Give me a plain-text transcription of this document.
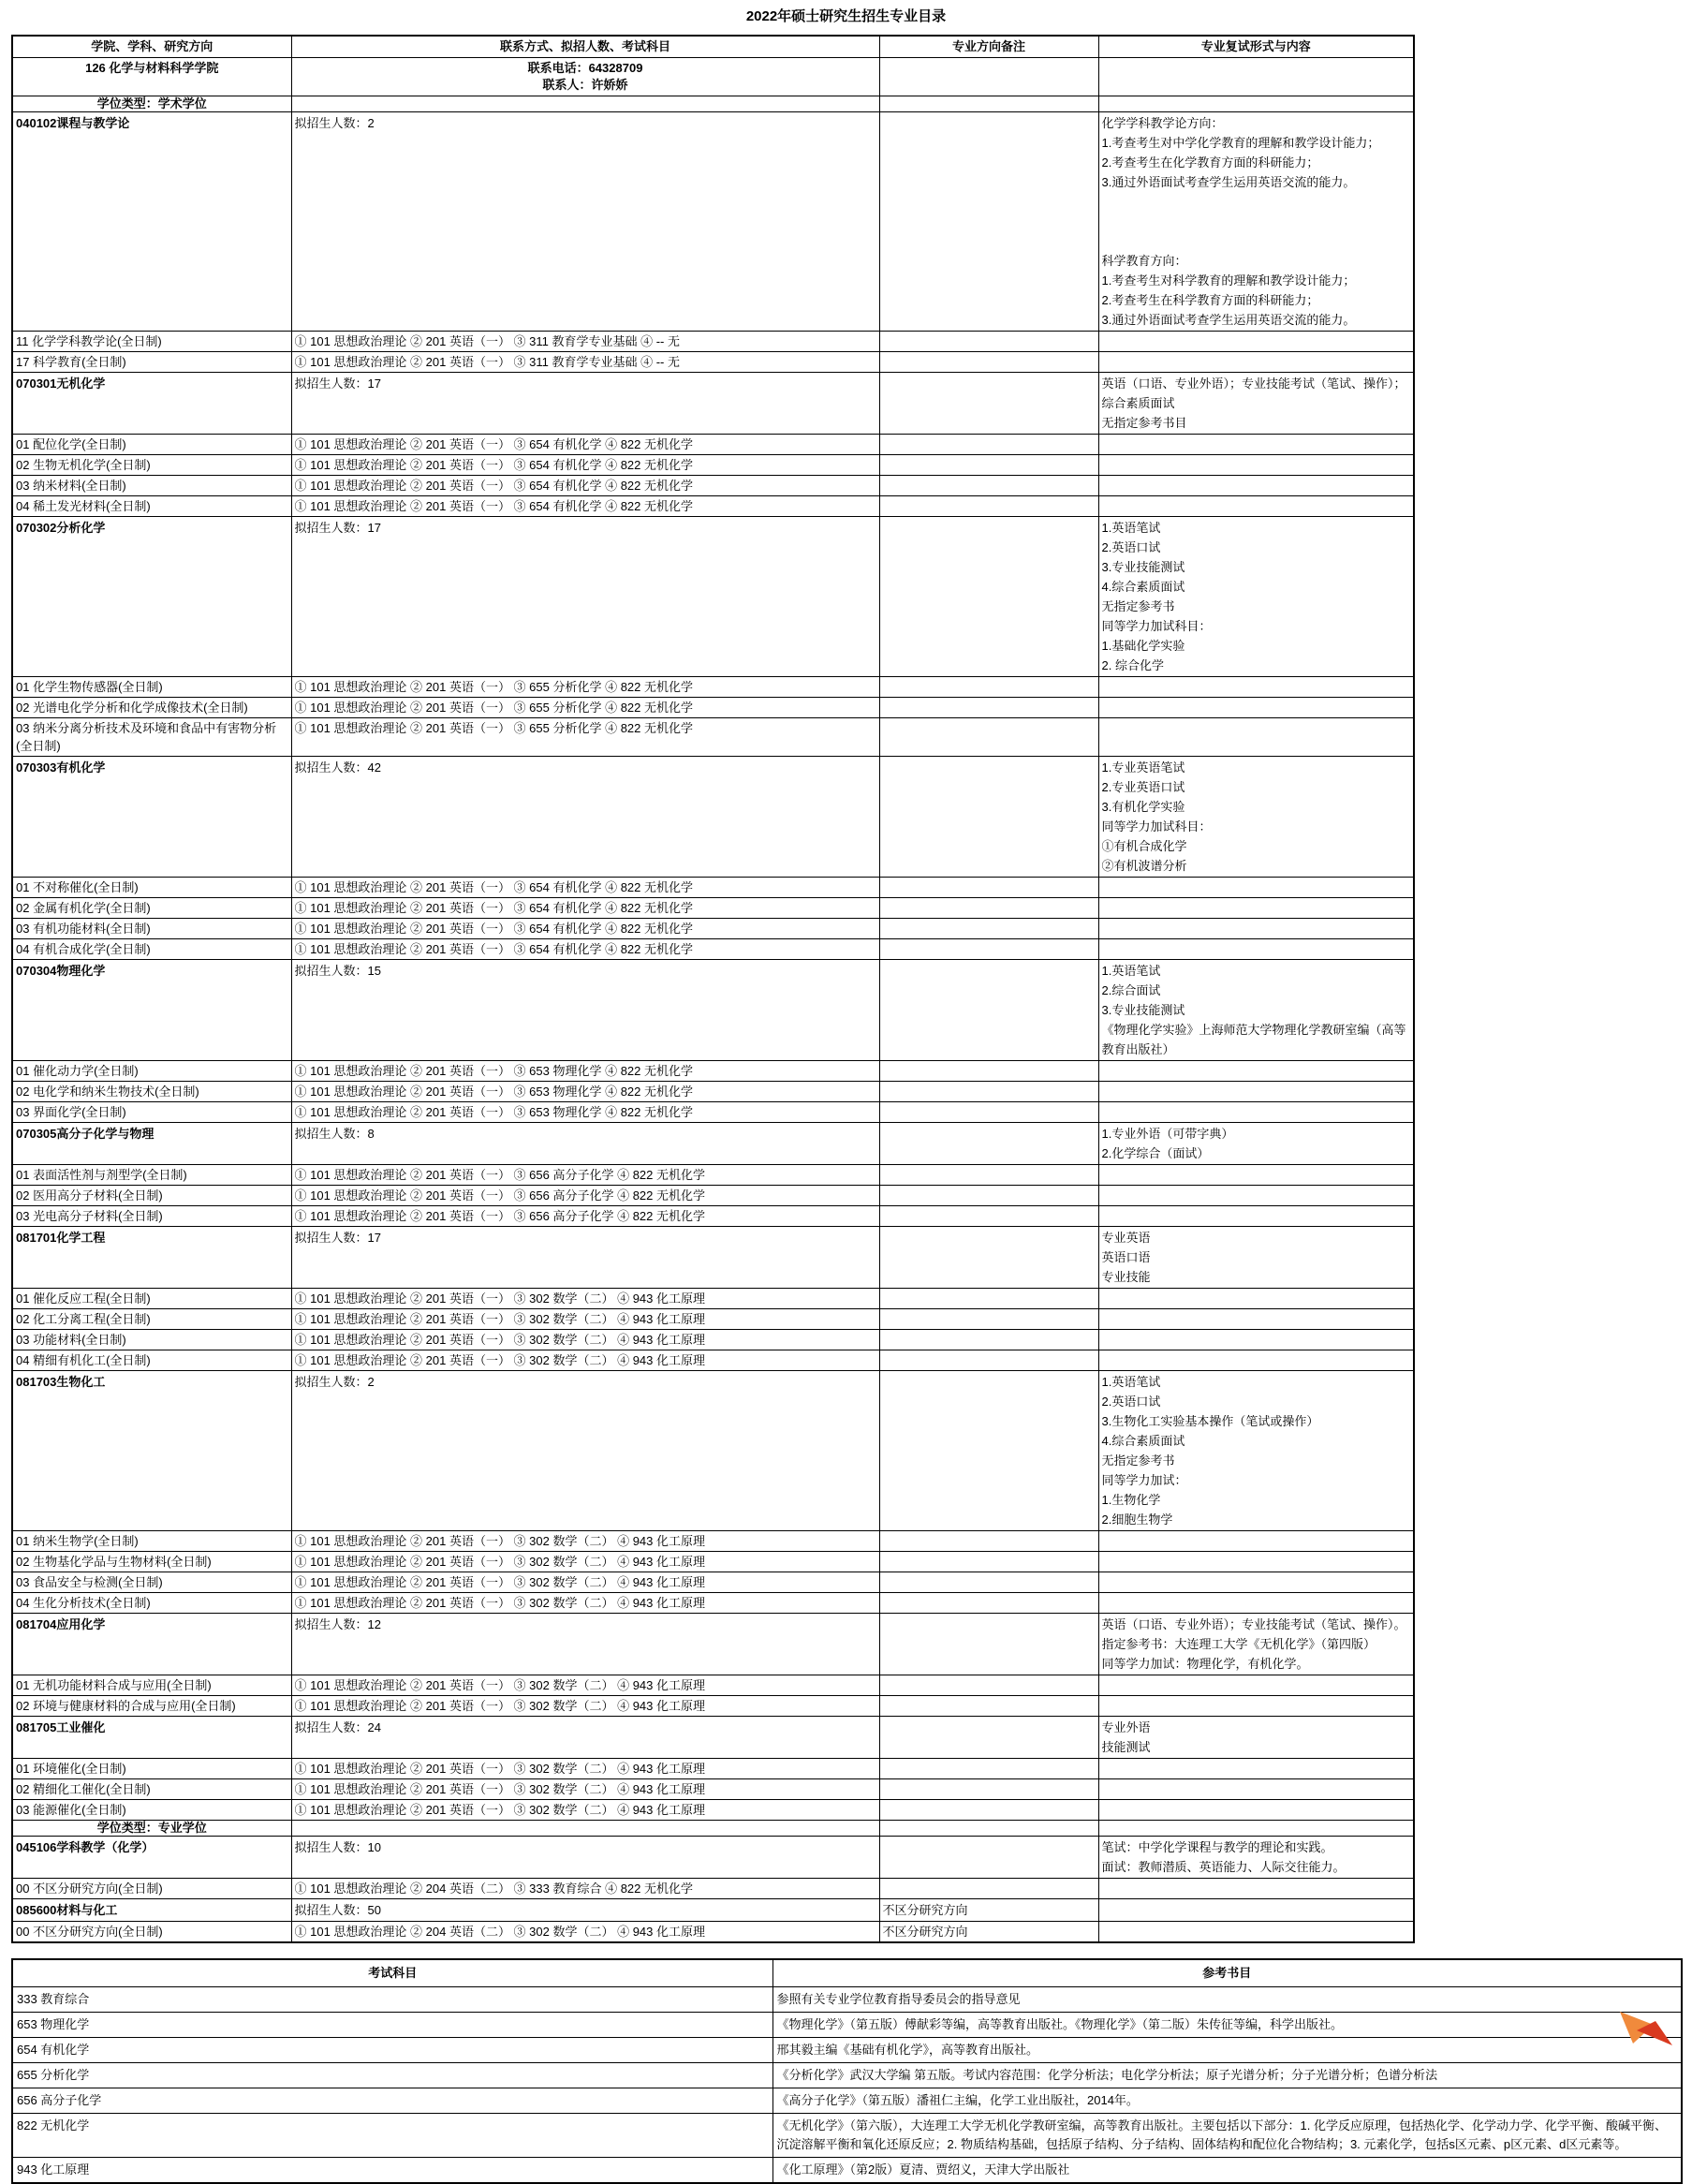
2022年硕士研究生招生专业目录
学院、学科、研究方向	联系方式、拟招人数、考试科目	专业方向备注	专业复试形式与内容
126 化学与材料科学学院	联系电话：64328709
联系人：许娇娇		

学位类型：学术学位			
040102课程与教学论	拟招生人数：2		化学学科教学论方向：
1.考查考生对中学化学教育的理解和教学设计能力；
2.考查考生在化学教育方面的科研能力；
3.通过外语面试考查学生运用英语交流的能力。
科学教育方向：
1.考查考生对科学教育的理解和教学设计能力；
2.考查考生在科学教育方面的科研能力；
3.通过外语面试考查学生运用英语交流的能力。

11 化学学科教学论(全日制)	① 101 思想政治理论 ② 201 英语（一） ③ 311 教育学专业基础 ④ -- 无		
17 科学教育(全日制)	① 101 思想政治理论 ② 201 英语（一） ③ 311 教育学专业基础 ④ -- 无		
070301无机化学	拟招生人数：17		英语（口语、专业外语）；专业技能考试（笔试、操作）；
综合素质面试
无指定参考书目

01 配位化学(全日制)	① 101 思想政治理论 ② 201 英语（一） ③ 654 有机化学 ④ 822 无机化学		
02 生物无机化学(全日制)	① 101 思想政治理论 ② 201 英语（一） ③ 654 有机化学 ④ 822 无机化学		
03 纳米材料(全日制)	① 101 思想政治理论 ② 201 英语（一） ③ 654 有机化学 ④ 822 无机化学		
04 稀土发光材料(全日制)	① 101 思想政治理论 ② 201 英语（一） ③ 654 有机化学 ④ 822 无机化学		
070302分析化学	拟招生人数：17		1.英语笔试
2.英语口试
3.专业技能测试
4.综合素质面试
无指定参考书
同等学力加试科目：
1.基础化学实验
2. 综合化学

01 化学生物传感器(全日制)	① 101 思想政治理论 ② 201 英语（一） ③ 655 分析化学 ④ 822 无机化学		
02 光谱电化学分析和化学成像技术(全日制)	① 101 思想政治理论 ② 201 英语（一） ③ 655 分析化学 ④ 822 无机化学		
03 纳米分离分析技术及环境和食品中有害物分析(全日制)	① 101 思想政治理论 ② 201 英语（一） ③ 655 分析化学 ④ 822 无机化学		
070303有机化学	拟招生人数：42		1.专业英语笔试
2.专业英语口试
3.有机化学实验
同等学力加试科目：
①有机合成化学
②有机波谱分析

01 不对称催化(全日制)	① 101 思想政治理论 ② 201 英语（一） ③ 654 有机化学 ④ 822 无机化学		
02 金属有机化学(全日制)	① 101 思想政治理论 ② 201 英语（一） ③ 654 有机化学 ④ 822 无机化学		
03 有机功能材料(全日制)	① 101 思想政治理论 ② 201 英语（一） ③ 654 有机化学 ④ 822 无机化学		
04 有机合成化学(全日制)	① 101 思想政治理论 ② 201 英语（一） ③ 654 有机化学 ④ 822 无机化学		
070304物理化学	拟招生人数：15		1.英语笔试
2.综合面试
3.专业技能测试
《物理化学实验》上海师范大学物理化学教研室编（高等教育出版社）

01 催化动力学(全日制)	① 101 思想政治理论 ② 201 英语（一） ③ 653 物理化学 ④ 822 无机化学		
02 电化学和纳米生物技术(全日制)	① 101 思想政治理论 ② 201 英语（一） ③ 653 物理化学 ④ 822 无机化学		
03 界面化学(全日制)	① 101 思想政治理论 ② 201 英语（一） ③ 653 物理化学 ④ 822 无机化学		
070305高分子化学与物理	拟招生人数：8		1.专业外语（可带字典）
2.化学综合（面试）

01 表面活性剂与剂型学(全日制)	① 101 思想政治理论 ② 201 英语（一） ③ 656 高分子化学 ④ 822 无机化学		
02 医用高分子材料(全日制)	① 101 思想政治理论 ② 201 英语（一） ③ 656 高分子化学 ④ 822 无机化学		
03 光电高分子材料(全日制)	① 101 思想政治理论 ② 201 英语（一） ③ 656 高分子化学 ④ 822 无机化学		
081701化学工程	拟招生人数：17		专业英语
英语口语
专业技能

01 催化反应工程(全日制)	① 101 思想政治理论 ② 201 英语（一） ③ 302 数学（二） ④ 943 化工原理		
02 化工分离工程(全日制)	① 101 思想政治理论 ② 201 英语（一） ③ 302 数学（二） ④ 943 化工原理		
03 功能材料(全日制)	① 101 思想政治理论 ② 201 英语（一） ③ 302 数学（二） ④ 943 化工原理		
04 精细有机化工(全日制)	① 101 思想政治理论 ② 201 英语（一） ③ 302 数学（二） ④ 943 化工原理		
081703生物化工	拟招生人数：2		1.英语笔试
2.英语口试
3.生物化工实验基本操作（笔试或操作）
4.综合素质面试
无指定参考书
同等学力加试：
1.生物化学
2.细胞生物学

01 纳米生物学(全日制)	① 101 思想政治理论 ② 201 英语（一） ③ 302 数学（二） ④ 943 化工原理		
02 生物基化学品与生物材料(全日制)	① 101 思想政治理论 ② 201 英语（一） ③ 302 数学（二） ④ 943 化工原理		
03 食品安全与检测(全日制)	① 101 思想政治理论 ② 201 英语（一） ③ 302 数学（二） ④ 943 化工原理		
04 生化分析技术(全日制)	① 101 思想政治理论 ② 201 英语（一） ③ 302 数学（二） ④ 943 化工原理		
081704应用化学	拟招生人数：12		英语（口语、专业外语）；专业技能考试（笔试、操作）。
指定参考书：大连理工大学《无机化学》（第四版）
同等学力加试：物理化学，有机化学。

01 无机功能材料合成与应用(全日制)	① 101 思想政治理论 ② 201 英语（一） ③ 302 数学（二） ④ 943 化工原理		
02 环境与健康材料的合成与应用(全日制)	① 101 思想政治理论 ② 201 英语（一） ③ 302 数学（二） ④ 943 化工原理		
081705工业催化	拟招生人数：24		专业外语
技能测试

01 环境催化(全日制)	① 101 思想政治理论 ② 201 英语（一） ③ 302 数学（二） ④ 943 化工原理		
02 精细化工催化(全日制)	① 101 思想政治理论 ② 201 英语（一） ③ 302 数学（二） ④ 943 化工原理		
03 能源催化(全日制)	① 101 思想政治理论 ② 201 英语（一） ③ 302 数学（二） ④ 943 化工原理		
学位类型：专业学位			
045106学科教学（化学）	拟招生人数：10		笔试：中学化学课程与教学的理论和实践。
面试：教师潜质、英语能力、人际交往能力。

00 不区分研究方向(全日制)	① 101 思想政治理论 ② 204 英语（二） ③ 333 教育综合 ④ 822 无机化学		
085600材料与化工	拟招生人数：50	不区分研究方向	
00 不区分研究方向(全日制)	① 101 思想政治理论 ② 204 英语（二） ③ 302 数学（二） ④ 943 化工原理	不区分研究方向	
考试科目	参考书目
333 教育综合	参照有关专业学位教育指导委员会的指导意见
653 物理化学	《物理化学》（第五版）傅献彩等编，高等教育出版社。《物理化学》（第二版）朱传征等编，科学出版社。
654 有机化学	邢其毅主编《基础有机化学》，高等教育出版社。
655 分析化学	《分析化学》武汉大学编 第五版。考试内容范围：化学分析法；电化学分析法；原子光谱分析；分子光谱分析；色谱分析法
656 高分子化学	《高分子化学》（第五版）潘祖仁主编，化学工业出版社，2014年。
822 无机化学	《无机化学》（第六版），大连理工大学无机化学教研室编，高等教育出版社。主要包括以下部分：1. 化学反应原理，包括热化学、化学动力学、化学平衡、酸碱平衡、沉淀溶解平衡和氧化还原反应；2. 物质结构基础，包括原子结构、分子结构、固体结构和配位化合物结构；3. 元素化学，包括s区元素、p区元素、d区元素等。
943 化工原理	《化工原理》（第2版）夏清、贾绍义，天津大学出版社
